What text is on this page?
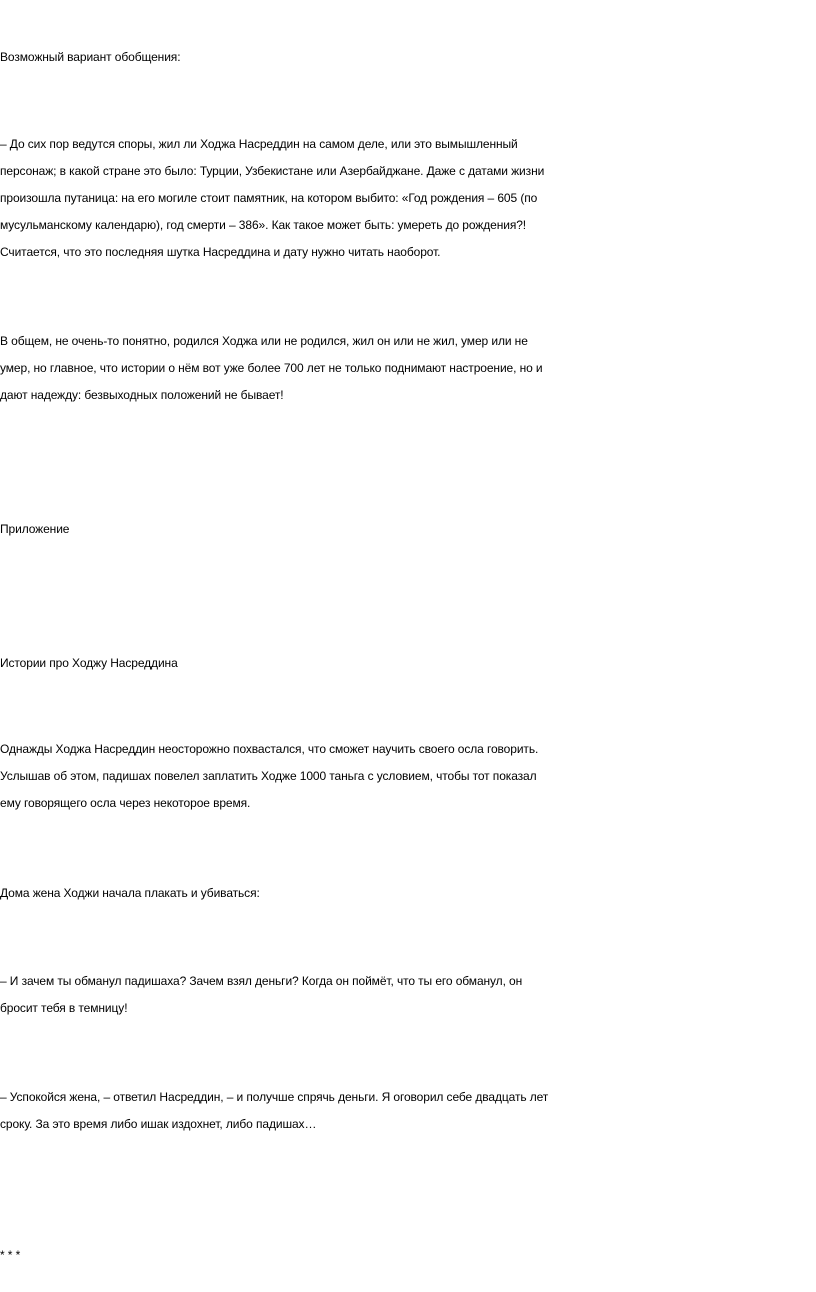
Возможный вариант обобщения:

– До сих пор ведутся споры, жил ли Ходжа Насреддин на самом деле, или это вымышленный
персонаж; в какой стране это было: Турции, Узбекистане или Азербайджане. Даже с датами жизни
произошла путаница: на его могиле стоит памятник, на котором выбито: «Год рождения – 605 (по
мусульманскому календарю), год смерти – 386». Как такое может быть: умереть до рождения?!
Считается, что это последняя шутка Насреддина и дату нужно читать наоборот.

В общем, не очень-то понятно, родился Ходжа или не родился, жил он или не жил, умер или не
умер, но главное, что истории о нём вот уже более 700 лет не только поднимают настроение, но и
дают надежду: безвыходных положений не бывает!

Приложение

Истории про Ходжу Насреддина

Однажды Ходжа Насреддин неосторожно похвастался, что сможет научить своего осла говорить.
Услышав об этом, падишах повелел заплатить Ходже 1000 таньга с условием, чтобы тот показал
ему говорящего осла через некоторое время.

Дома жена Ходжи начала плакать и убиваться:

– И зачем ты обманул падишаха? Зачем взял деньги? Когда он поймёт, что ты его обманул, он
бросит тебя в темницу!

– Успокойся жена, – ответил Насреддин, – и получше спрячь деньги. Я оговорил себе двадцать лет
сроку. За это время либо ишак издохнет, либо падишах…

* * *
